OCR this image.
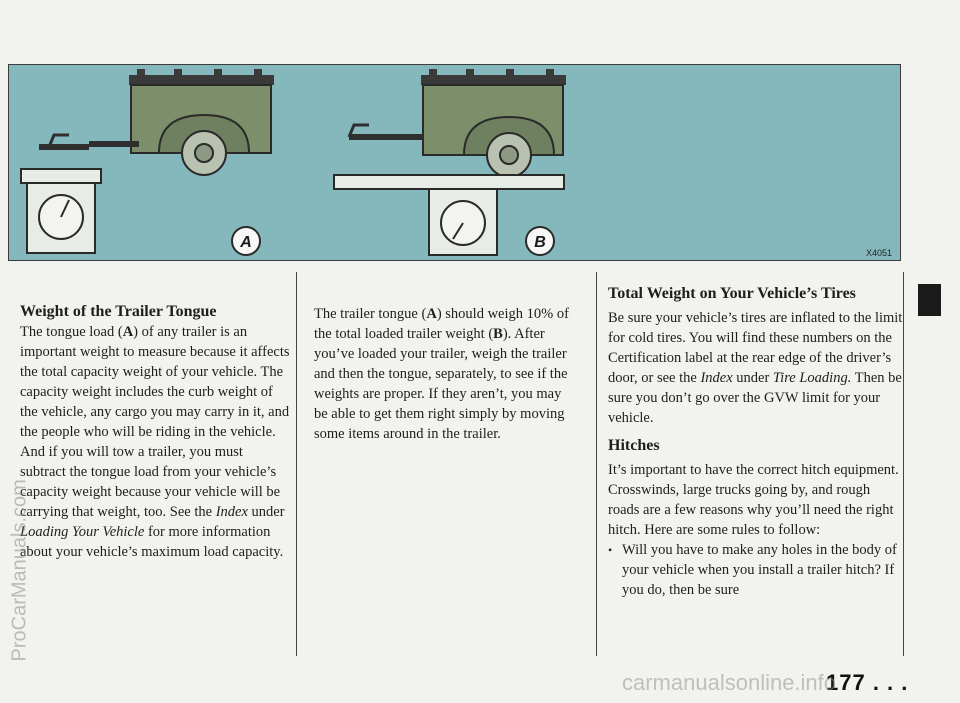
A	B
X4051
Weight of the Trailer Tongue

The tongue load (A) of any trailer is an important weight to measure because it affects the total capacity weight of your vehicle. The capacity weight includes the curb weight of the vehicle, any cargo you may carry in it, and the people who will be riding in the vehicle. And if you will tow a trailer, you must subtract the tongue load from your vehicle’s capacity weight because your vehicle will be carrying that weight, too. See the Index under Loading Your Vehicle for more information about your vehicle’s maximum load capacity.

The trailer tongue (A) should weigh 10% of the total loaded trailer weight (B). After you’ve loaded your trailer, weigh the trailer and then the tongue, separately, to see if the weights are proper. If they aren’t, you may be able to get them right simply by moving some items around in the trailer.

Total Weight on Your Vehicle’s Tires

Be sure your vehicle’s tires are inflated to the limit for cold tires. You will find these numbers on the Certification label at the rear edge of the driver’s door, or see the Index under Tire Loading. Then be sure you don’t go over the GVW limit for your vehicle.

Hitches

It’s important to have the correct hitch equipment. Crosswinds, large trucks going by, and rough roads are a few reasons why you’ll need the right hitch. Here are some rules to follow:

• Will you have to make any holes in the body of your vehicle when you install a trailer hitch? If you do, then be sure

177 . . .
ProCarManuals.com
carmanualsonline.info
